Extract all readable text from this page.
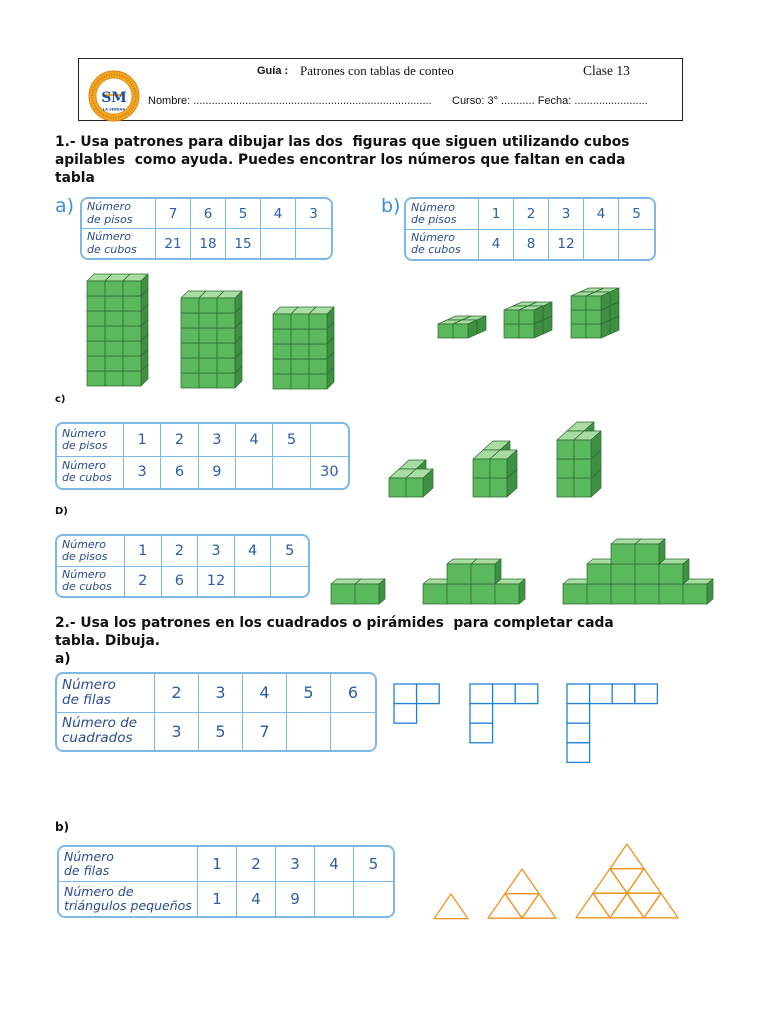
SM
LA SERENA
Guía : Patrones con tablas de conteo	Clase 13
Nombre: .............................................................................. Curso: 3° ........... Fecha: ........................
1.- Usa patrones para dibujar las dos  figuras que siguen utilizando cubos
apilables  como ayuda. Puedes encontrar los números que faltan en cada
tabla
a) Número
de pisos	7	6	5	4	3

Número
de cubos	21	18	15		
b) Número
de pisos	1	2	3	4	5

Número
de cubos	4	8	12		
c)
Número
de pisos	1	2	3	4	5	

Número
de cubos	3	6	9			30
D)
Número
de pisos	1	2	3	4	5

Número
de cubos	2	6	12		
2.- Usa los patrones en los cuadrados o pirámides  para completar cada
tabla. Dibuja.
a)
Número
de filas	2	3	4	5	6

Número de
cuadrados	3	5	7		
b)
Número
de filas	1	2	3	4	5

Número de
triángulos pequeños	1	4	9		
